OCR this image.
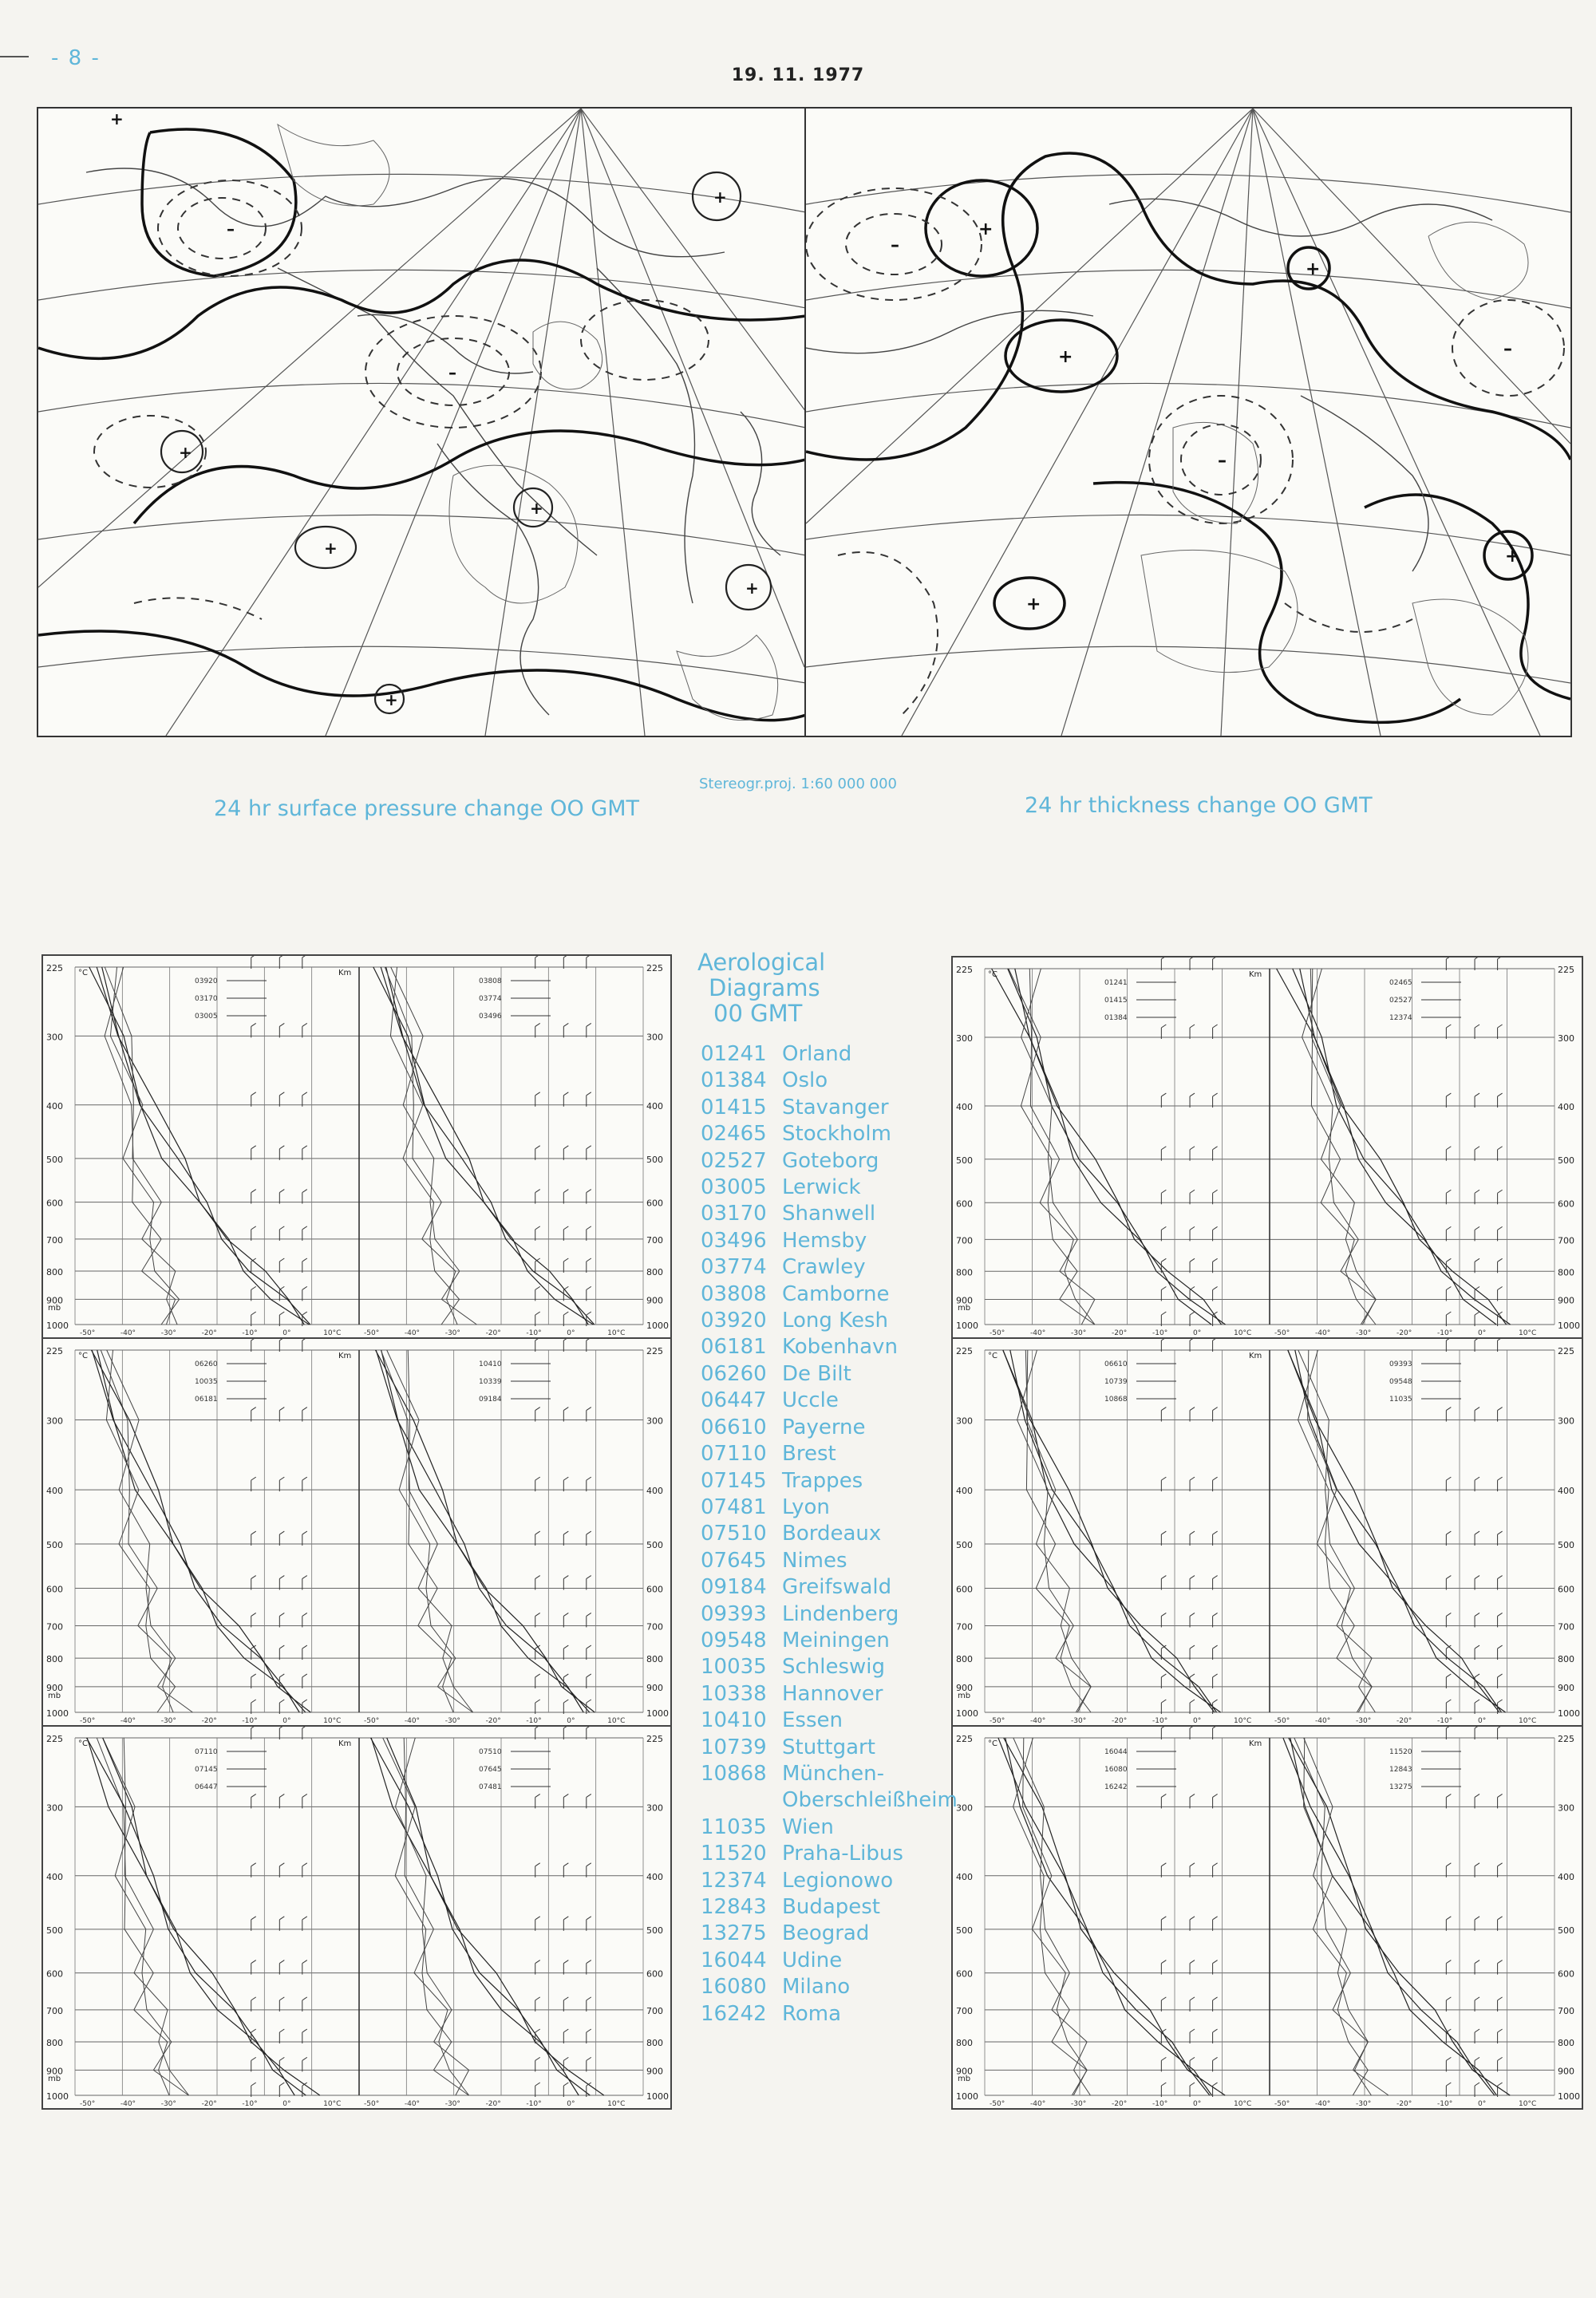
- 8 -
19. 11. 1977
+
+
+
+
+
+
+
–
–
+
+
+
+
+
–
–
–
Stereogr.proj. 1:60 000 000
24 hr surface pressure change OO GMT	24 hr thickness change OO GMT
225	225
300	300
400	400
500	500
600	600
700	700
800	800
900	900
1000	1000
-50°	-50°
-40°	-40°
-30°	-30°
-20°	-20°
-10°	-10°
0°	0°
10°C	10°C
mb
Km
°C
03920
03170
03005
03808
03774
03496
225	225
300	300
400	400
500	500
600	600
700	700
800	800
900	900
1000	1000
-50°	-50°
-40°	-40°
-30°	-30°
-20°	-20°
-10°	-10°
0°	0°
10°C	10°C
mb
Km
°C
06260
10035
06181
10410
10339
09184
225	225
300	300
400	400
500	500
600	600
700	700
800	800
900	900
1000	1000
-50°	-50°
-40°	-40°
-30°	-30°
-20°	-20°
-10°	-10°
0°	0°
10°C	10°C
mb
Km
°C
07110
07145
06447
07510
07645
07481
225	225
300	300
400	400
500	500
600	600
700	700
800	800
900	900
1000	1000
-50°	-50°
-40°	-40°
-30°	-30°
-20°	-20°
-10°	-10°
0°	0°
10°C	10°C
mb
Km
°C
01241
01415
01384
02465
02527
12374
225	225
300	300
400	400
500	500
600	600
700	700
800	800
900	900
1000	1000
-50°	-50°
-40°	-40°
-30°	-30°
-20°	-20°
-10°	-10°
0°	0°
10°C	10°C
mb
Km
°C
06610
10739
10868
09393
09548
11035
225	225
300	300
400	400
500	500
600	600
700	700
800	800
900	900
1000	1000
-50°	-50°
-40°	-40°
-30°	-30°
-20°	-20°
-10°	-10°
0°	0°
10°C	10°C
mb
Km
°C
16044
16080
16242
11520
12843
13275
Aerological
Diagrams
00 GMT
01241 Orland
01384 Oslo
01415 Stavanger
02465 Stockholm
02527 Goteborg
03005 Lerwick
03170 Shanwell
03496 Hemsby
03774 Crawley
03808 Camborne
03920 Long Kesh
06181 Kobenhavn
06260 De Bilt
06447 Uccle
06610 Payerne
07110 Brest
07145 Trappes
07481 Lyon
07510 Bordeaux
07645 Nimes
09184 Greifswald
09393 Lindenberg
09548 Meiningen
10035 Schleswig
10338 Hannover
10410 Essen
10739 Stuttgart
10868 München-
Oberschleißheim
11035 Wien
11520 Praha-Libus
12374 Legionowo
12843 Budapest
13275 Beograd
16044 Udine
16080 Milano
16242 Roma
